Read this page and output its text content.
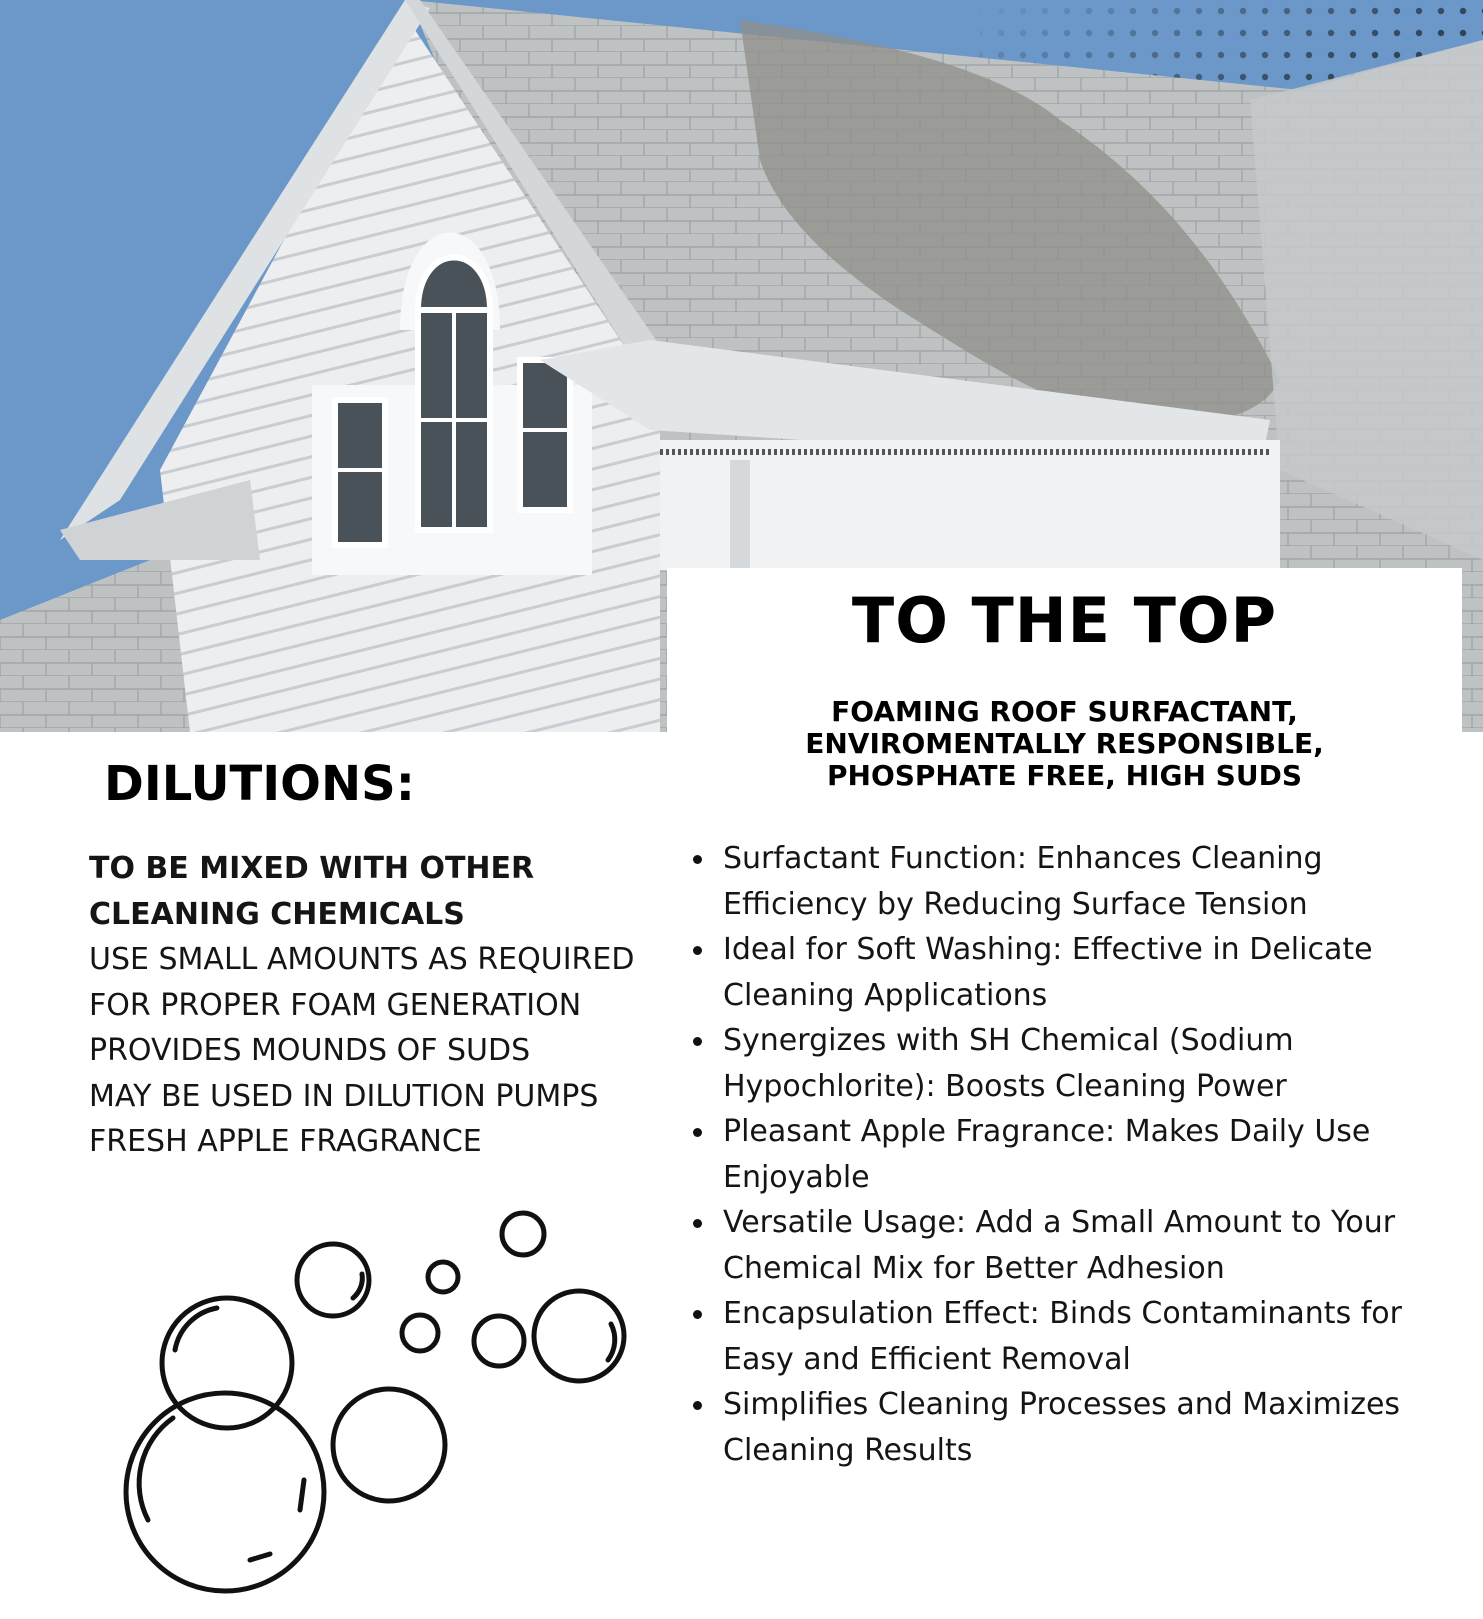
TO THE TOP
FOAMING ROOF SURFACTANT, ENVIROMENTALLY RESPONSIBLE, PHOSPHATE FREE, HIGH SUDS
Surfactant Function: Enhances Cleaning Efficiency by Reducing Surface Tension
Ideal for Soft Washing: Effective in Delicate Cleaning Applications
Synergizes with SH Chemical (Sodium Hypochlorite): Boosts Cleaning Power
Pleasant Apple Fragrance: Makes Daily Use Enjoyable
Versatile Usage: Add a Small Amount to Your Chemical Mix for Better Adhesion
Encapsulation Effect: Binds Contaminants for Easy and Efficient Removal
Simplifies Cleaning Processes and Maximizes Cleaning Results
DILUTIONS:
TO BE MIXED WITH OTHER CLEANING CHEMICALS
USE SMALL AMOUNTS AS REQUIRED FOR PROPER FOAM GENERATION
PROVIDES MOUNDS OF SUDS
MAY BE USED IN DILUTION PUMPS
FRESH APPLE FRAGRANCE
